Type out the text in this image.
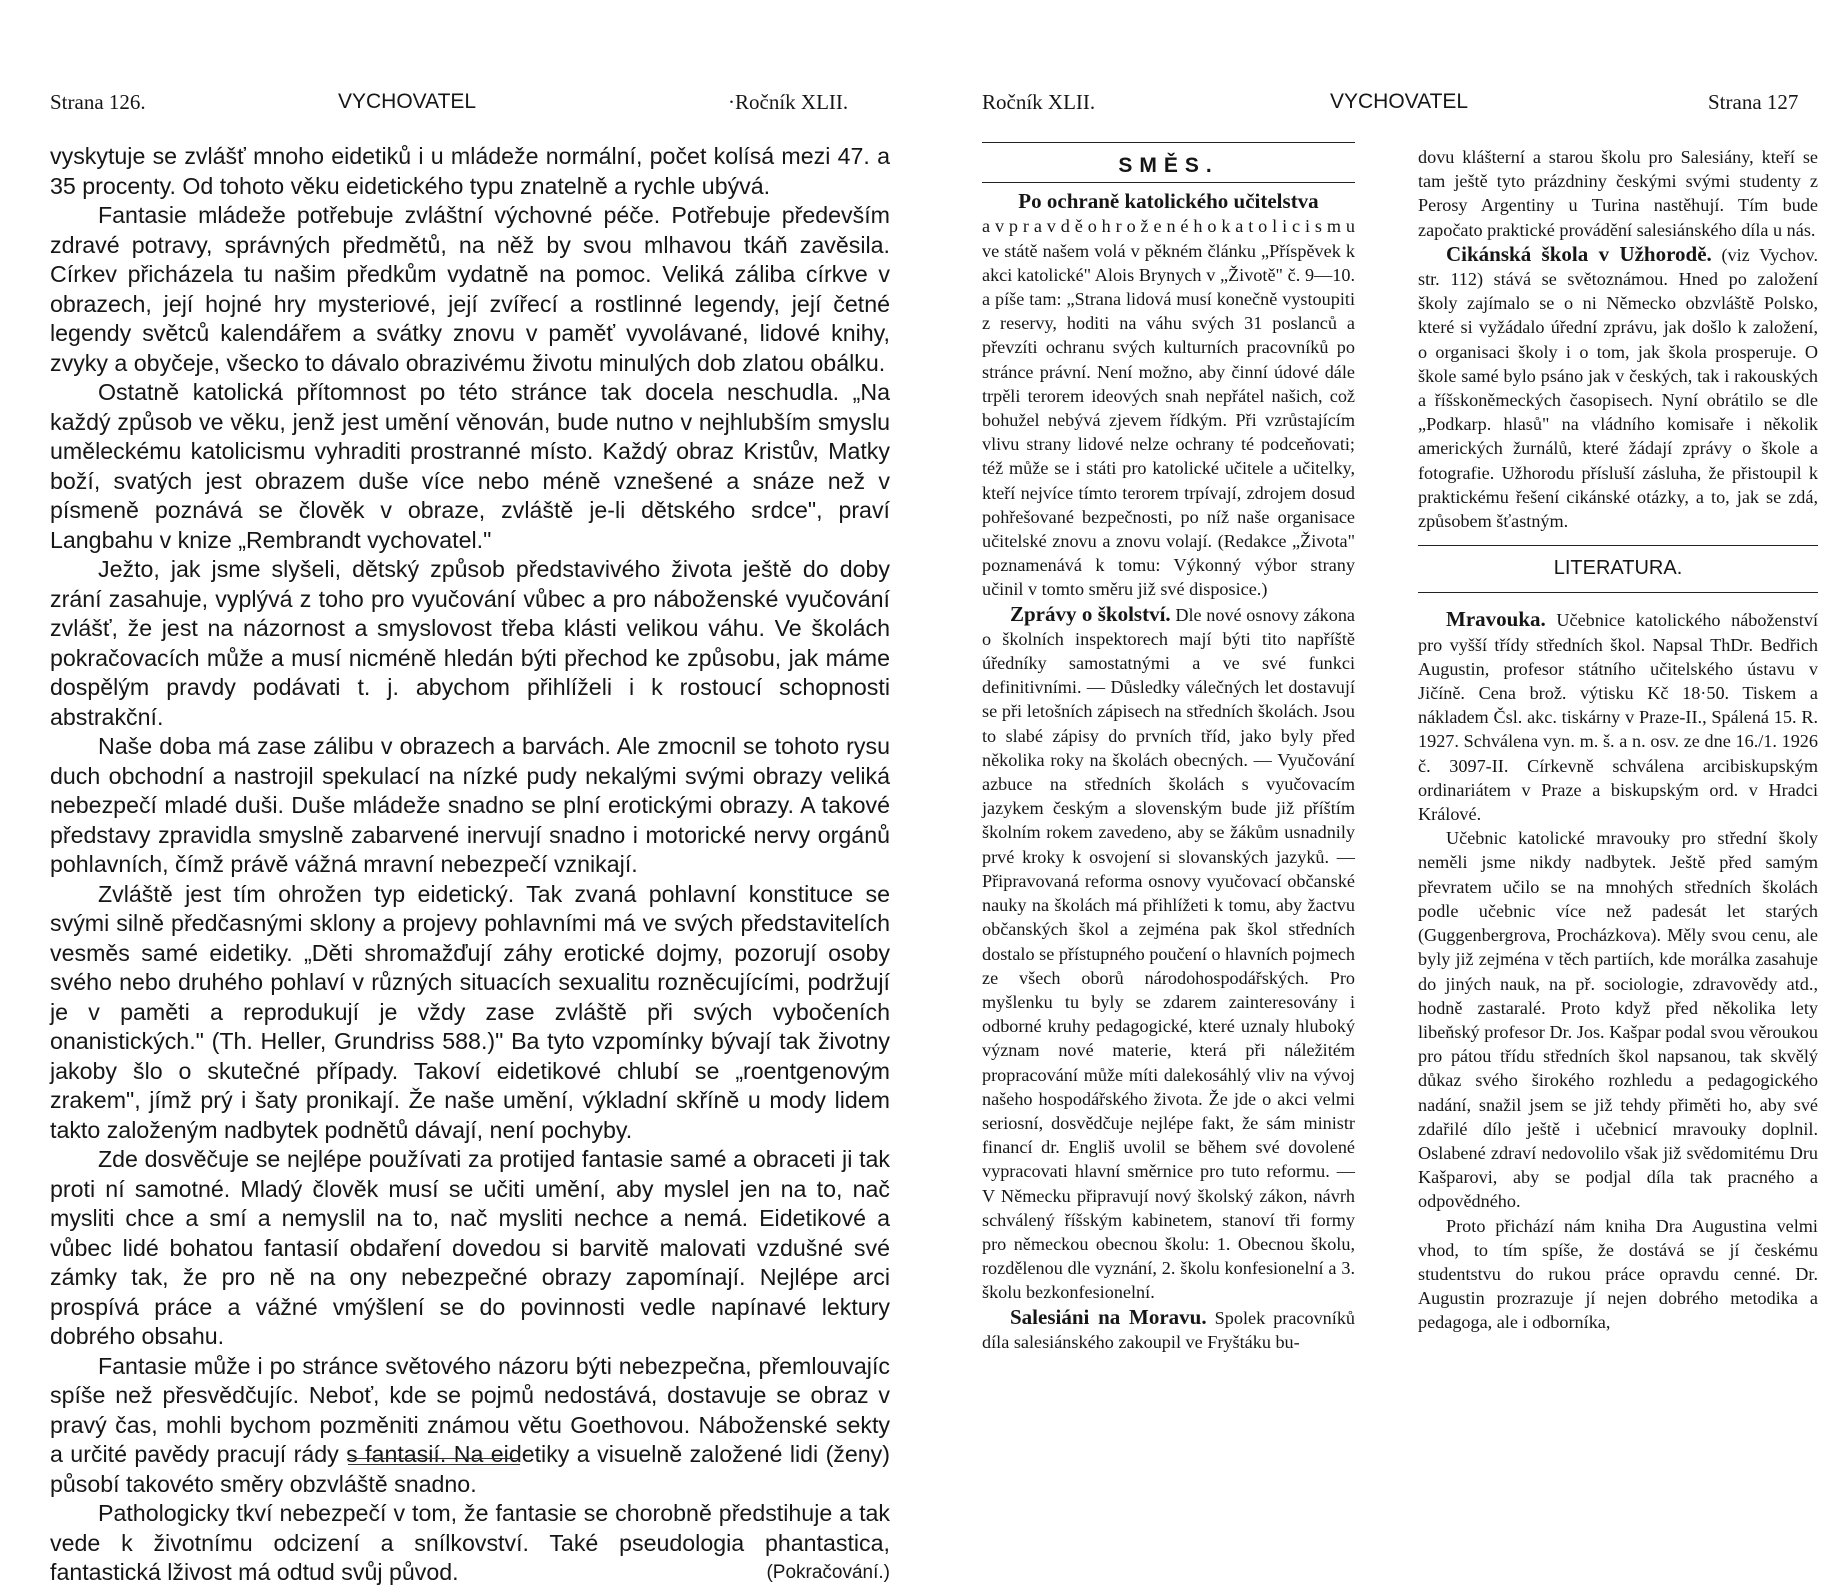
Strana 126.	VYCHOVATEL	·Ročník XLII.

vyskytuje se zvlášť mnoho eidetiků i u mládeže normální, počet kolísá mezi 47. a 35 procenty. Od tohoto věku eidetického typu znatelně a rychle ubývá.

Fantasie mládeže potřebuje zvláštní výchovné péče. Potřebuje především zdravé potravy, správných předmětů, na něž by svou mlhavou tkáň zavěsila. Církev přicházela tu našim předkům vydatně na pomoc. Veliká záliba církve v obrazech, její hojné hry mysteriové, její zvířecí a rostlinné legendy, její četné legendy světců kalendářem a svátky znovu v paměť vyvolávané, lidové knihy, zvyky a obyčeje, všecko to dávalo obrazivému životu minulých dob zlatou obálku.

Ostatně katolická přítomnost po této stránce tak docela neschudla. „Na každý způsob ve věku, jenž jest umění věnován, bude nutno v nejhlubším smyslu uměleckému katolicismu vyhraditi prostranné místo. Každý obraz Kristův, Matky boží, svatých jest obrazem duše více nebo méně vznešené a snáze než v písmeně poznává se člověk v obraze, zvláště je-li dětského srdce", praví Langbahu v knize „Rembrandt vychovatel."

Ježto, jak jsme slyšeli, dětský způsob představivého života ještě do doby zrání zasahuje, vyplývá z toho pro vyučování vůbec a pro náboženské vyučování zvlášť, že jest na názornost a smyslovost třeba klásti velikou váhu. Ve školách pokračovacích může a musí nicméně hledán býti přechod ke způsobu, jak máme dospělým pravdy podávati t. j. abychom přihlíželi i k rostoucí schopnosti abstrakční.

Naše doba má zase zálibu v obrazech a barvách. Ale zmocnil se tohoto rysu duch obchodní a nastrojil spekulací na nízké pudy nekalými svými obrazy veliká nebezpečí mladé duši. Duše mládeže snadno se plní erotickými obrazy. A takové představy zpravidla smyslně zabarvené inervují snadno i motorické nervy orgánů pohlavních, čímž právě vážná mravní nebezpečí vznikají.

Zvláště jest tím ohrožen typ eidetický. Tak zvaná pohlavní konstituce se svými silně předčasnými sklony a projevy pohlavními má ve svých představitelích vesměs samé eidetiky. „Děti shromažďují záhy erotické dojmy, pozorují osoby svého nebo druhého pohlaví v různých situacích sexualitu rozněcujícími, podržují je v paměti a reprodukují je vždy zase zvláště při svých vybočeních onanistických." (Th. Heller, Grundriss 588.)" Ba tyto vzpomínky bývají tak životny jakoby šlo o skutečné případy. Takoví eidetikové chlubí se „roentgenovým zrakem", jímž prý i šaty pronikají. Že naše umění, výkladní skříně u mody lidem takto založeným nadbytek podnětů dávají, není pochyby.

Zde dosvěčuje se nejlépe používati za protijed fantasie samé a obraceti ji tak proti ní samotné. Mladý člověk musí se učiti umění, aby myslel jen na to, nač mysliti chce a smí a nemyslil na to, nač mysliti nechce a nemá. Eidetikové a vůbec lidé bohatou fantasií obdaření dovedou si barvitě malovati vzdušné své zámky tak, že pro ně na ony nebezpečné obrazy zapomínají. Nejlépe arci prospívá práce a vážné vmýšlení se do povinnosti vedle napínavé lektury dobrého obsahu.

Fantasie může i po stránce světového názoru býti nebezpečna, přemlouvajíc spíše než přesvědčujíc. Neboť, kde se pojmů nedostává, dostavuje se obraz v pravý čas, mohli bychom pozměniti známou větu Goethovou. Náboženské sekty a určité pavědy pracují rády s fantasií. Na eidetiky a visuelně založené lidi (ženy) působí takovéto směry obzvláště snadno.

Pathologicky tkví nebezpečí v tom, že fantasie se chorobně předstihuje a tak vede k životnímu odcizení a snílkovství. Také pseudologia phantastica, fantastická lživost má odtud svůj původ.	(Pokračování.)

Ročník XLII.	VYCHOVATEL	Strana 127
SMĚS.

Po ochraně katolického učitelstva

a v p r a v d ě o h r o ž e n é h o k a t o l i c i s m u ve státě našem volá v pěkném článku „Příspěvek k akci katolické" Alois Brynych v „Životě" č. 9—10. a píše tam: „Strana lidová musí konečně vystoupiti z reservy, hoditi na váhu svých 31 poslanců a převzíti ochranu svých kulturních pracovníků po stránce právní. Není možno, aby činní údové dále trpěli terorem ideových snah nepřátel našich, což bohužel nebývá zjevem řídkým. Při vzrůstajícím vlivu strany lidové nelze ochrany té podceňovati; též může se i státi pro katolické učitele a učitelky, kteří nejvíce tímto terorem trpívají, zdrojem dosud pohřešované bezpečnosti, po níž naše organisace učitelské znovu a znovu volají. (Redakce „Života" poznamenává k tomu: Výkonný výbor strany učinil v tomto směru již své disposice.)

Zprávy o školství. Dle nové osnovy zákona o školních inspektorech mají býti tito napříště úředníky samostatnými a ve své funkci definitivními. — Důsledky válečných let dostavují se při letošních zápisech na středních školách. Jsou to slabé zápisy do prvních tříd, jako byly před několika roky na školách obecných. — Vyučování azbuce na středních školách s vyučovacím jazykem českým a slovenským bude již příštím školním rokem zavedeno, aby se žákům usnadnily prvé kroky k osvojení si slovanských jazyků. — Připravovaná reforma osnovy vyučovací občanské nauky na školách má přihlížeti k tomu, aby žactvu občanských škol a zejména pak škol středních dostalo se přístupného poučení o hlavních pojmech ze všech oborů národohospodářských. Pro myšlenku tu byly se zdarem zainteresovány i odborné kruhy pedagogické, které uznaly hluboký význam nové materie, která při náležitém propracování může míti dalekosáhlý vliv na vývoj našeho hospodářského života. Že jde o akci velmi seriosní, dosvědčuje nejlépe fakt, že sám ministr financí dr. Engliš uvolil se během své dovolené vypracovati hlavní směrnice pro tuto reformu. — V Německu připravují nový školský zákon, návrh schválený říšským kabinetem, stanoví tři formy pro německou obecnou školu: 1. Obecnou školu, rozdělenou dle vyznání, 2. školu konfesionelní a 3. školu bezkonfesionelní.

Salesiáni na Moravu. Spolek pracovníků díla salesiánského zakoupil ve Fryštáku bu-

dovu klášterní a starou školu pro Salesiány, kteří se tam ještě tyto prázdniny českými svými studenty z Perosy Argentiny u Turina nastěhují. Tím bude započato praktické provádění salesiánského díla u nás.

Cikánská škola v Užhorodě. (viz Vychov. str. 112) stává se světoznámou. Hned po založení školy zajímalo se o ni Německo obzvláště Polsko, které si vyžádalo úřední zprávu, jak došlo k založení, o organisaci školy i o tom, jak škola prosperuje. O škole samé bylo psáno jak v českých, tak i rakouských a říšskoněmeckých časopisech. Nyní obrátilo se dle „Podkarp. hlasů" na vládního komisaře i několik amerických žurnálů, které žádají zprávy o škole a fotografie. Užhorodu přísluší zásluha, že přistoupil k praktickému řešení cikánské otázky, a to, jak se zdá, způsobem šťastným.

LITERATURA.

Mravouka. Učebnice katolického náboženství pro vyšší třídy středních škol. Napsal ThDr. Bedřich Augustin, profesor státního učitelského ústavu v Jičíně. Cena brož. výtisku Kč 18·50. Tiskem a nákladem Čsl. akc. tiskárny v Praze-II., Spálená 15. R. 1927. Schválena vyn. m. š. a n. osv. ze dne 16./1. 1926 č. 3097-II. Církevně schválena arcibiskupským ordinariátem v Praze a biskupským ord. v Hradci Králové.

Učebnic katolické mravouky pro střední školy neměli jsme nikdy nadbytek. Ještě před samým převratem učilo se na mnohých středních školách podle učebnic více než padesát let starých (Guggenbergrova, Procházkova). Měly svou cenu, ale byly již zejména v těch partiích, kde morálka zasahuje do jiných nauk, na př. sociologie, zdravovědy atd., hodně zastaralé. Proto když před několika lety libeňský profesor Dr. Jos. Kašpar podal svou věroukou pro pátou třídu středních škol napsanou, tak skvělý důkaz svého širokého rozhledu a pedagogického nadání, snažil jsem se již tehdy přiměti ho, aby své zdařilé dílo ještě i učebnicí mravouky doplnil. Oslabené zdraví nedovolilo však již svědomitému Dru Kašparovi, aby se podjal díla tak pracného a odpovědného.

Proto přichází nám kniha Dra Augustina velmi vhod, to tím spíše, že dostává se jí českému studentstvu do rukou práce opravdu cenné. Dr. Augustin prozrazuje jí nejen dobrého metodika a pedagoga, ale i odborníka,
